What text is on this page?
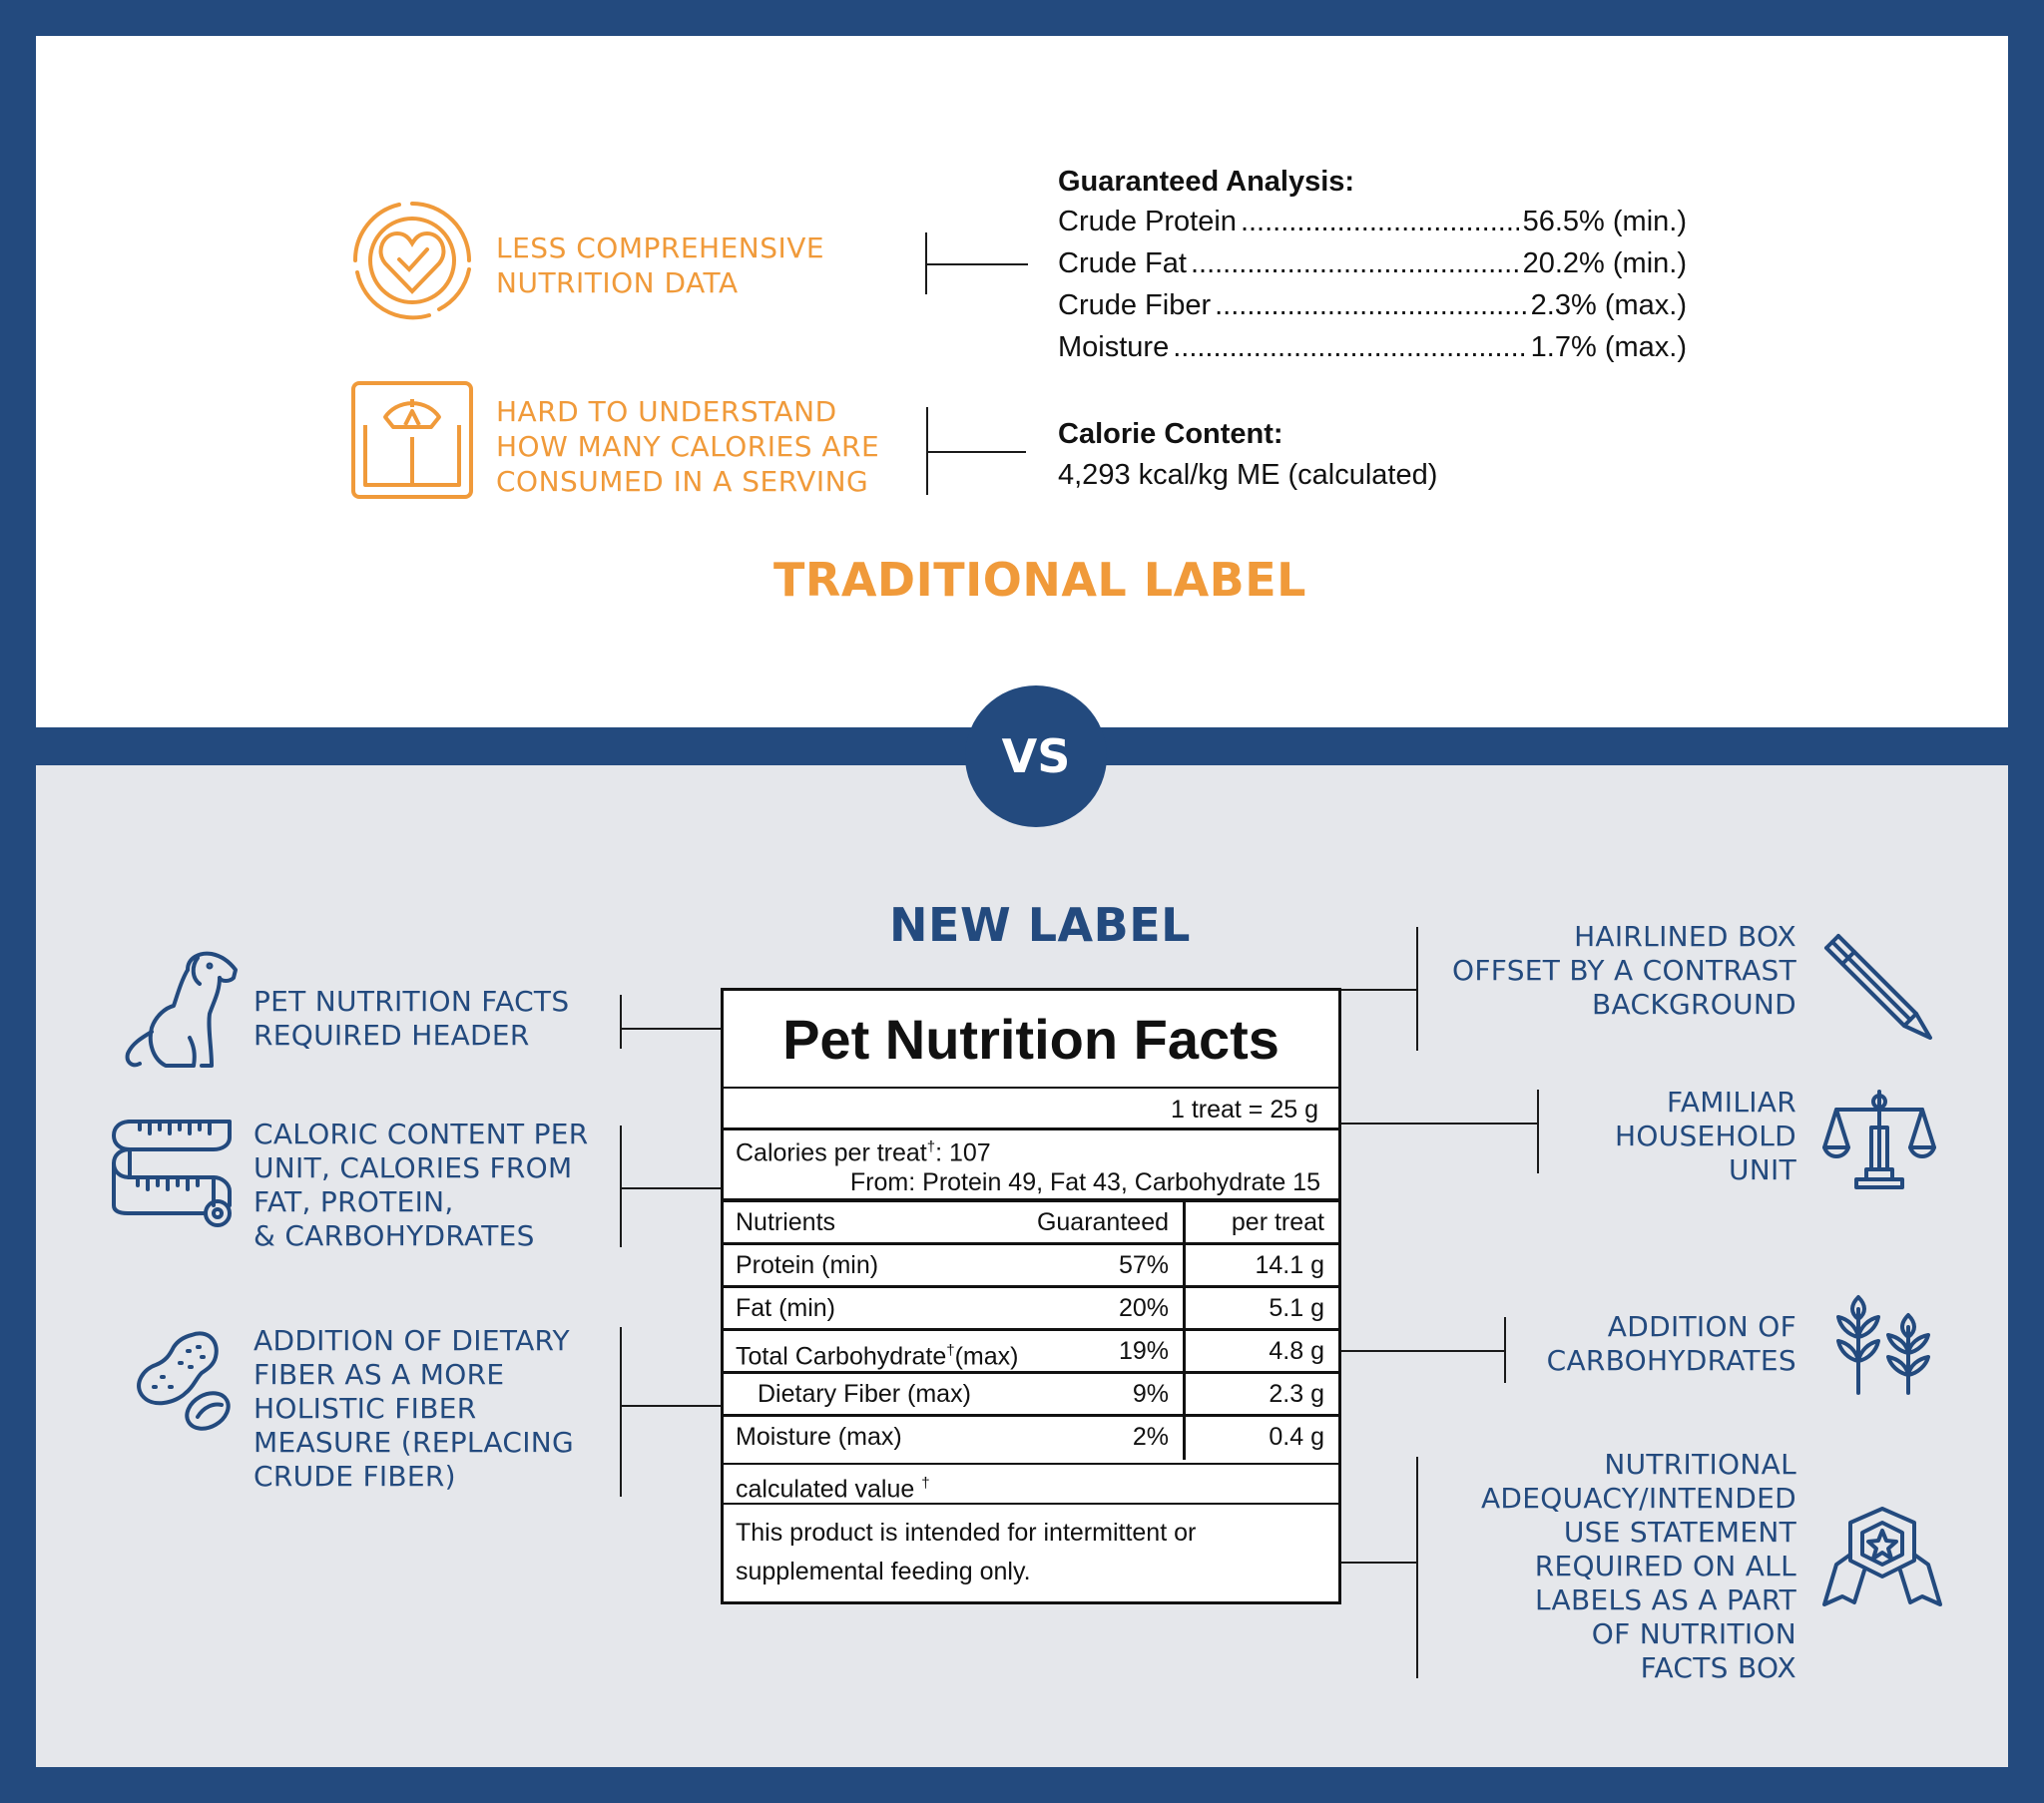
LESS COMPREHENSIVE
NUTRITION DATA
HARD TO UNDERSTAND
HOW MANY CALORIES ARE
CONSUMED IN A SERVING
Guaranteed Analysis:
Crude Protein .....	56.5% (min.)
Crude Fat .....	20.2% (min.)
Crude Fiber .....	2.3% (max.)
Moisture .....	1.7% (max.)
Calorie Content:
4,293 kcal/kg ME (calculated)
TRADITIONAL LABEL
VS
NEW LABEL
PET NUTRITION FACTS
REQUIRED HEADER
CALORIC CONTENT PER
UNIT, CALORIES FROM
FAT, PROTEIN,
& CARBOHYDRATES
ADDITION OF DIETARY
FIBER AS A MORE
HOLISTIC FIBER
MEASURE (REPLACING
CRUDE FIBER)
Pet Nutrition Facts
1 treat = 25 g
Calories per treat†: 107
From: Protein 49, Fat 43, Carbohydrate 15
Nutrients	Guaranteed	per treat
Protein (min)	57%	14.1 g
Fat (min)	20%	5.1 g
Total Carbohydrate†(max)	19%	4.8 g
Dietary Fiber (max)	9%	2.3 g
Moisture (max)	2%	0.4 g
calculated value †
This product is intended for intermittent or
supplemental feeding only.
HAIRLINED BOX
OFFSET BY A CONTRAST
BACKGROUND
FAMILIAR
HOUSEHOLD
UNIT
ADDITION OF
CARBOHYDRATES
NUTRITIONAL
ADEQUACY/INTENDED
USE STATEMENT
REQUIRED ON ALL
LABELS AS A PART
OF NUTRITION
FACTS BOX
